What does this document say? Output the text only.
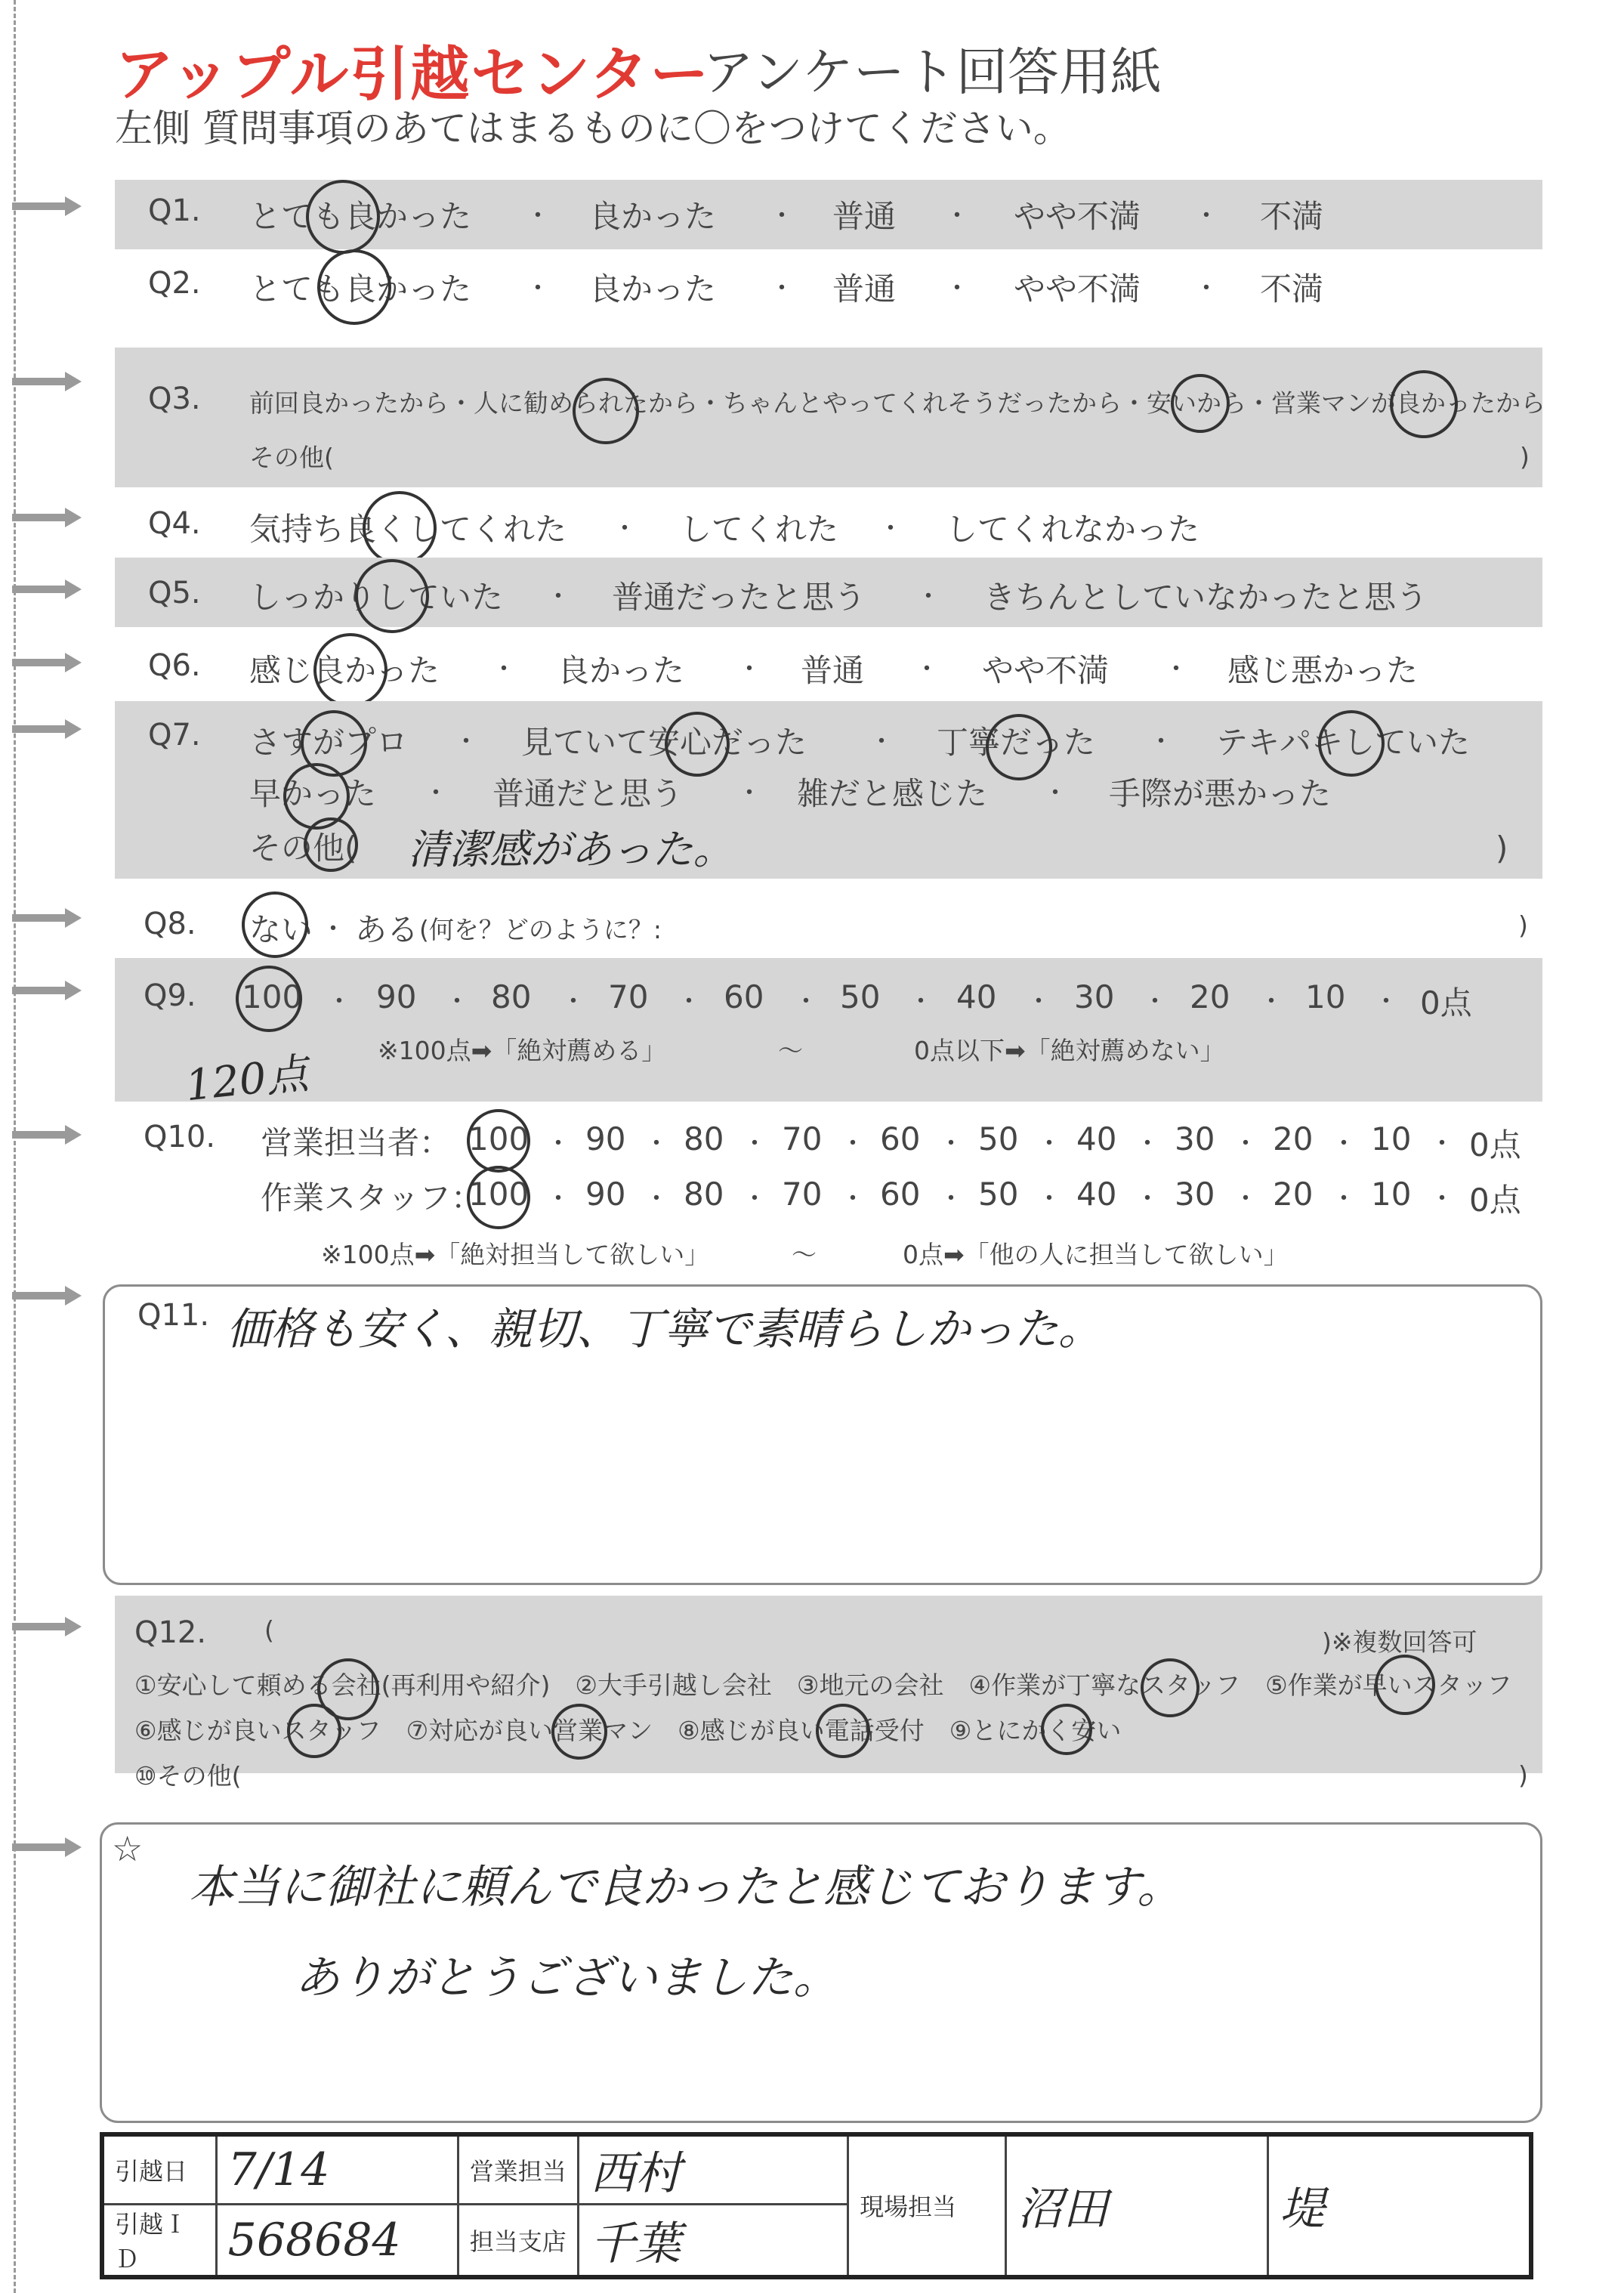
アップル引越センター
アンケート回答用紙
左側 質問事項のあてはまるものに〇をつけてください。
Q1. とても良かった ・ 良かった ・ 普通 ・ やや不満 ・ 不満
Q2. とても良かった ・ 良かった ・ 普通 ・ やや不満 ・ 不満
Q3. 前回良かったから・人に勧められたから・ちゃんとやってくれそうだったから・安いから・営業マンが良かったから
その他(	)
Q4. 気持ち良くしてくれた ・ してくれた ・ してくれなかった
Q5. しっかりしていた ・ 普通だったと思う ・ きちんとしていなかったと思う
Q6. 感じ良かった ・ 良かった ・ 普通 ・ やや不満 ・ 感じ悪かった
Q7. さすがプロ ・ 見ていて安心だった ・ 丁寧だった ・ テキパキしていた
早かった ・ 普通だと思う ・ 雑だと感じた ・ 手際が悪かった
その他( 清潔感があった。	)
Q8. ない ・ ある (何を？どのように？:	)
Q9. 100 ・ 90 ・ 80 ・ 70 ・ 60 ・ 50 ・ 40 ・ 30 ・ 20 ・ 10 ・ 0点
※100点➡「絶対薦める」	〜	0点以下➡「絶対薦めない」
120点
Q10. 営業担当者： 100 ・ 90 ・ 80 ・ 70 ・ 60 ・ 50 ・ 40 ・ 30 ・ 20 ・ 10 ・ 0点
作業スタッフ：
100 ・ 90 ・ 80 ・ 70 ・ 60 ・ 50 ・ 40 ・ 30 ・ 20 ・ 10 ・ 0点
※100点➡「絶対担当して欲しい」	〜	0点➡「他の人に担当して欲しい」
Q11. 価格も安く、親切、丁寧で素晴らしかった。
Q12. (	)※複数回答可
①安心して頼める会社(再利用や紹介)　②大手引越し会社　③地元の会社　④作業が丁寧なスタッフ　⑤作業が早いスタッフ
⑥感じが良いスタッフ　⑦対応が良い営業マン　⑧感じが良い電話受付　⑨とにかく安い
⑩その他(	)
☆
本当に御社に頼んで良かったと感じております。
ありがとうございました。
引越日	7/14	営業担当	西村	現場担当	沼田	堤
引越ＩＤ	568684	担当支店	千葉			
